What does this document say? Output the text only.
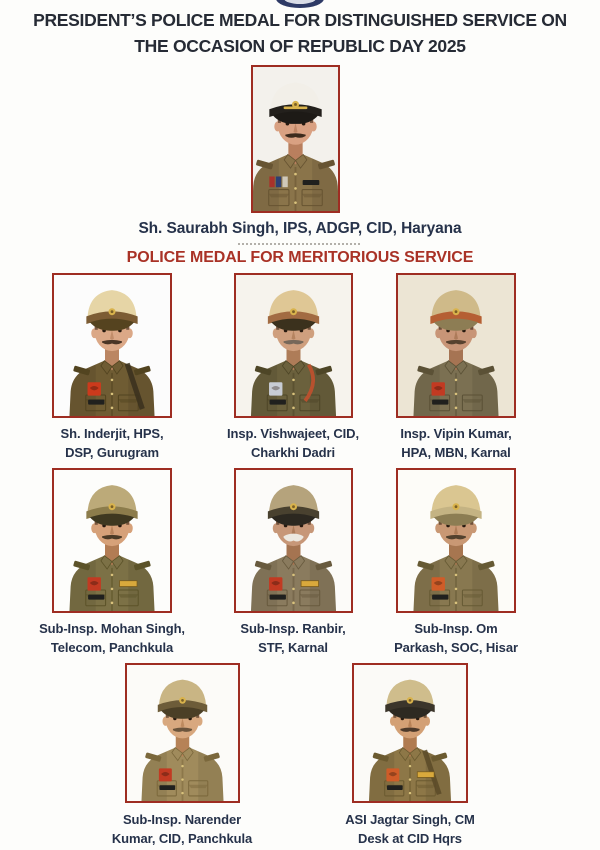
PRESIDENT’S POLICE MEDAL FOR DISTINGUISHED SERVICE ON
THE OCCASION OF REPUBLIC DAY 2025
Sh. Saurabh Singh, IPS, ADGP, CID, Haryana
POLICE MEDAL FOR MERITORIOUS SERVICE
Sh. Inderjit, HPS,
DSP, Gurugram
Insp. Vishwajeet, CID,
Charkhi Dadri
Insp. Vipin Kumar,
HPA, MBN, Karnal
Sub-Insp. Mohan Singh,
Telecom, Panchkula
Sub-Insp. Ranbir,
STF, Karnal
Sub-Insp. Om
Parkash, SOC, Hisar
Sub-Insp. Narender
Kumar, CID, Panchkula
ASI Jagtar Singh, CM
Desk at CID Hqrs
